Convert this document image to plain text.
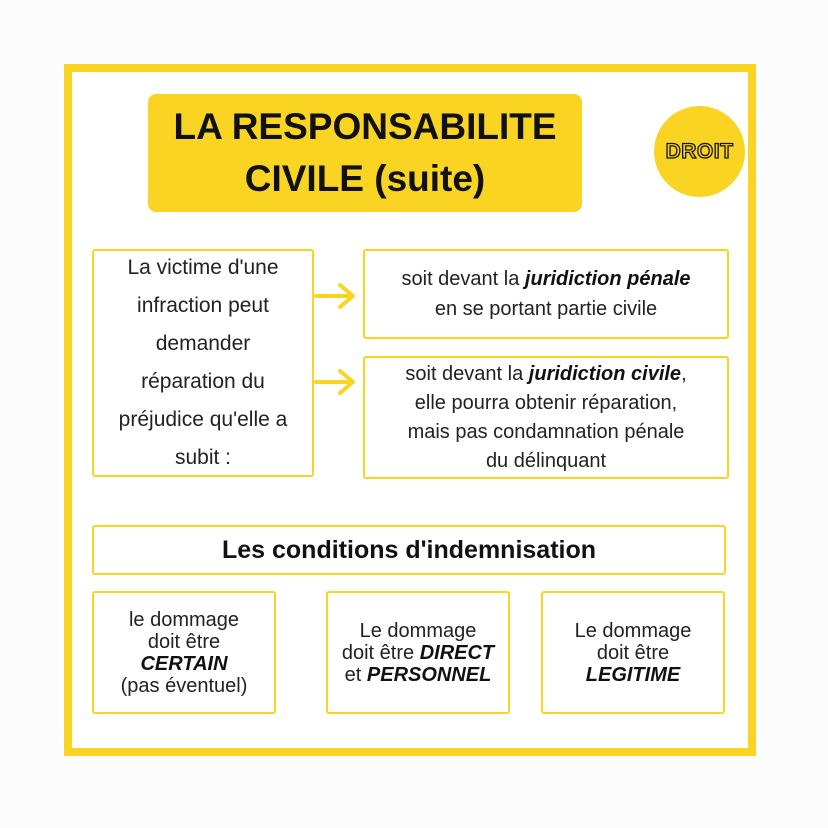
LA RESPONSABILITE
CIVILE (suite)
DROIT
La victime d'une
infraction peut
demander
réparation du
préjudice qu'elle a
subit :
soit devant la juridiction pénale
en se portant partie civile
soit devant la juridiction civile,
elle pourra obtenir réparation,
mais pas condamnation pénale
du délinquant
Les conditions d'indemnisation
le dommage
doit être
CERTAIN
(pas éventuel)
Le dommage
doit être DIRECT
et PERSONNEL
Le dommage
doit être
LEGITIME
